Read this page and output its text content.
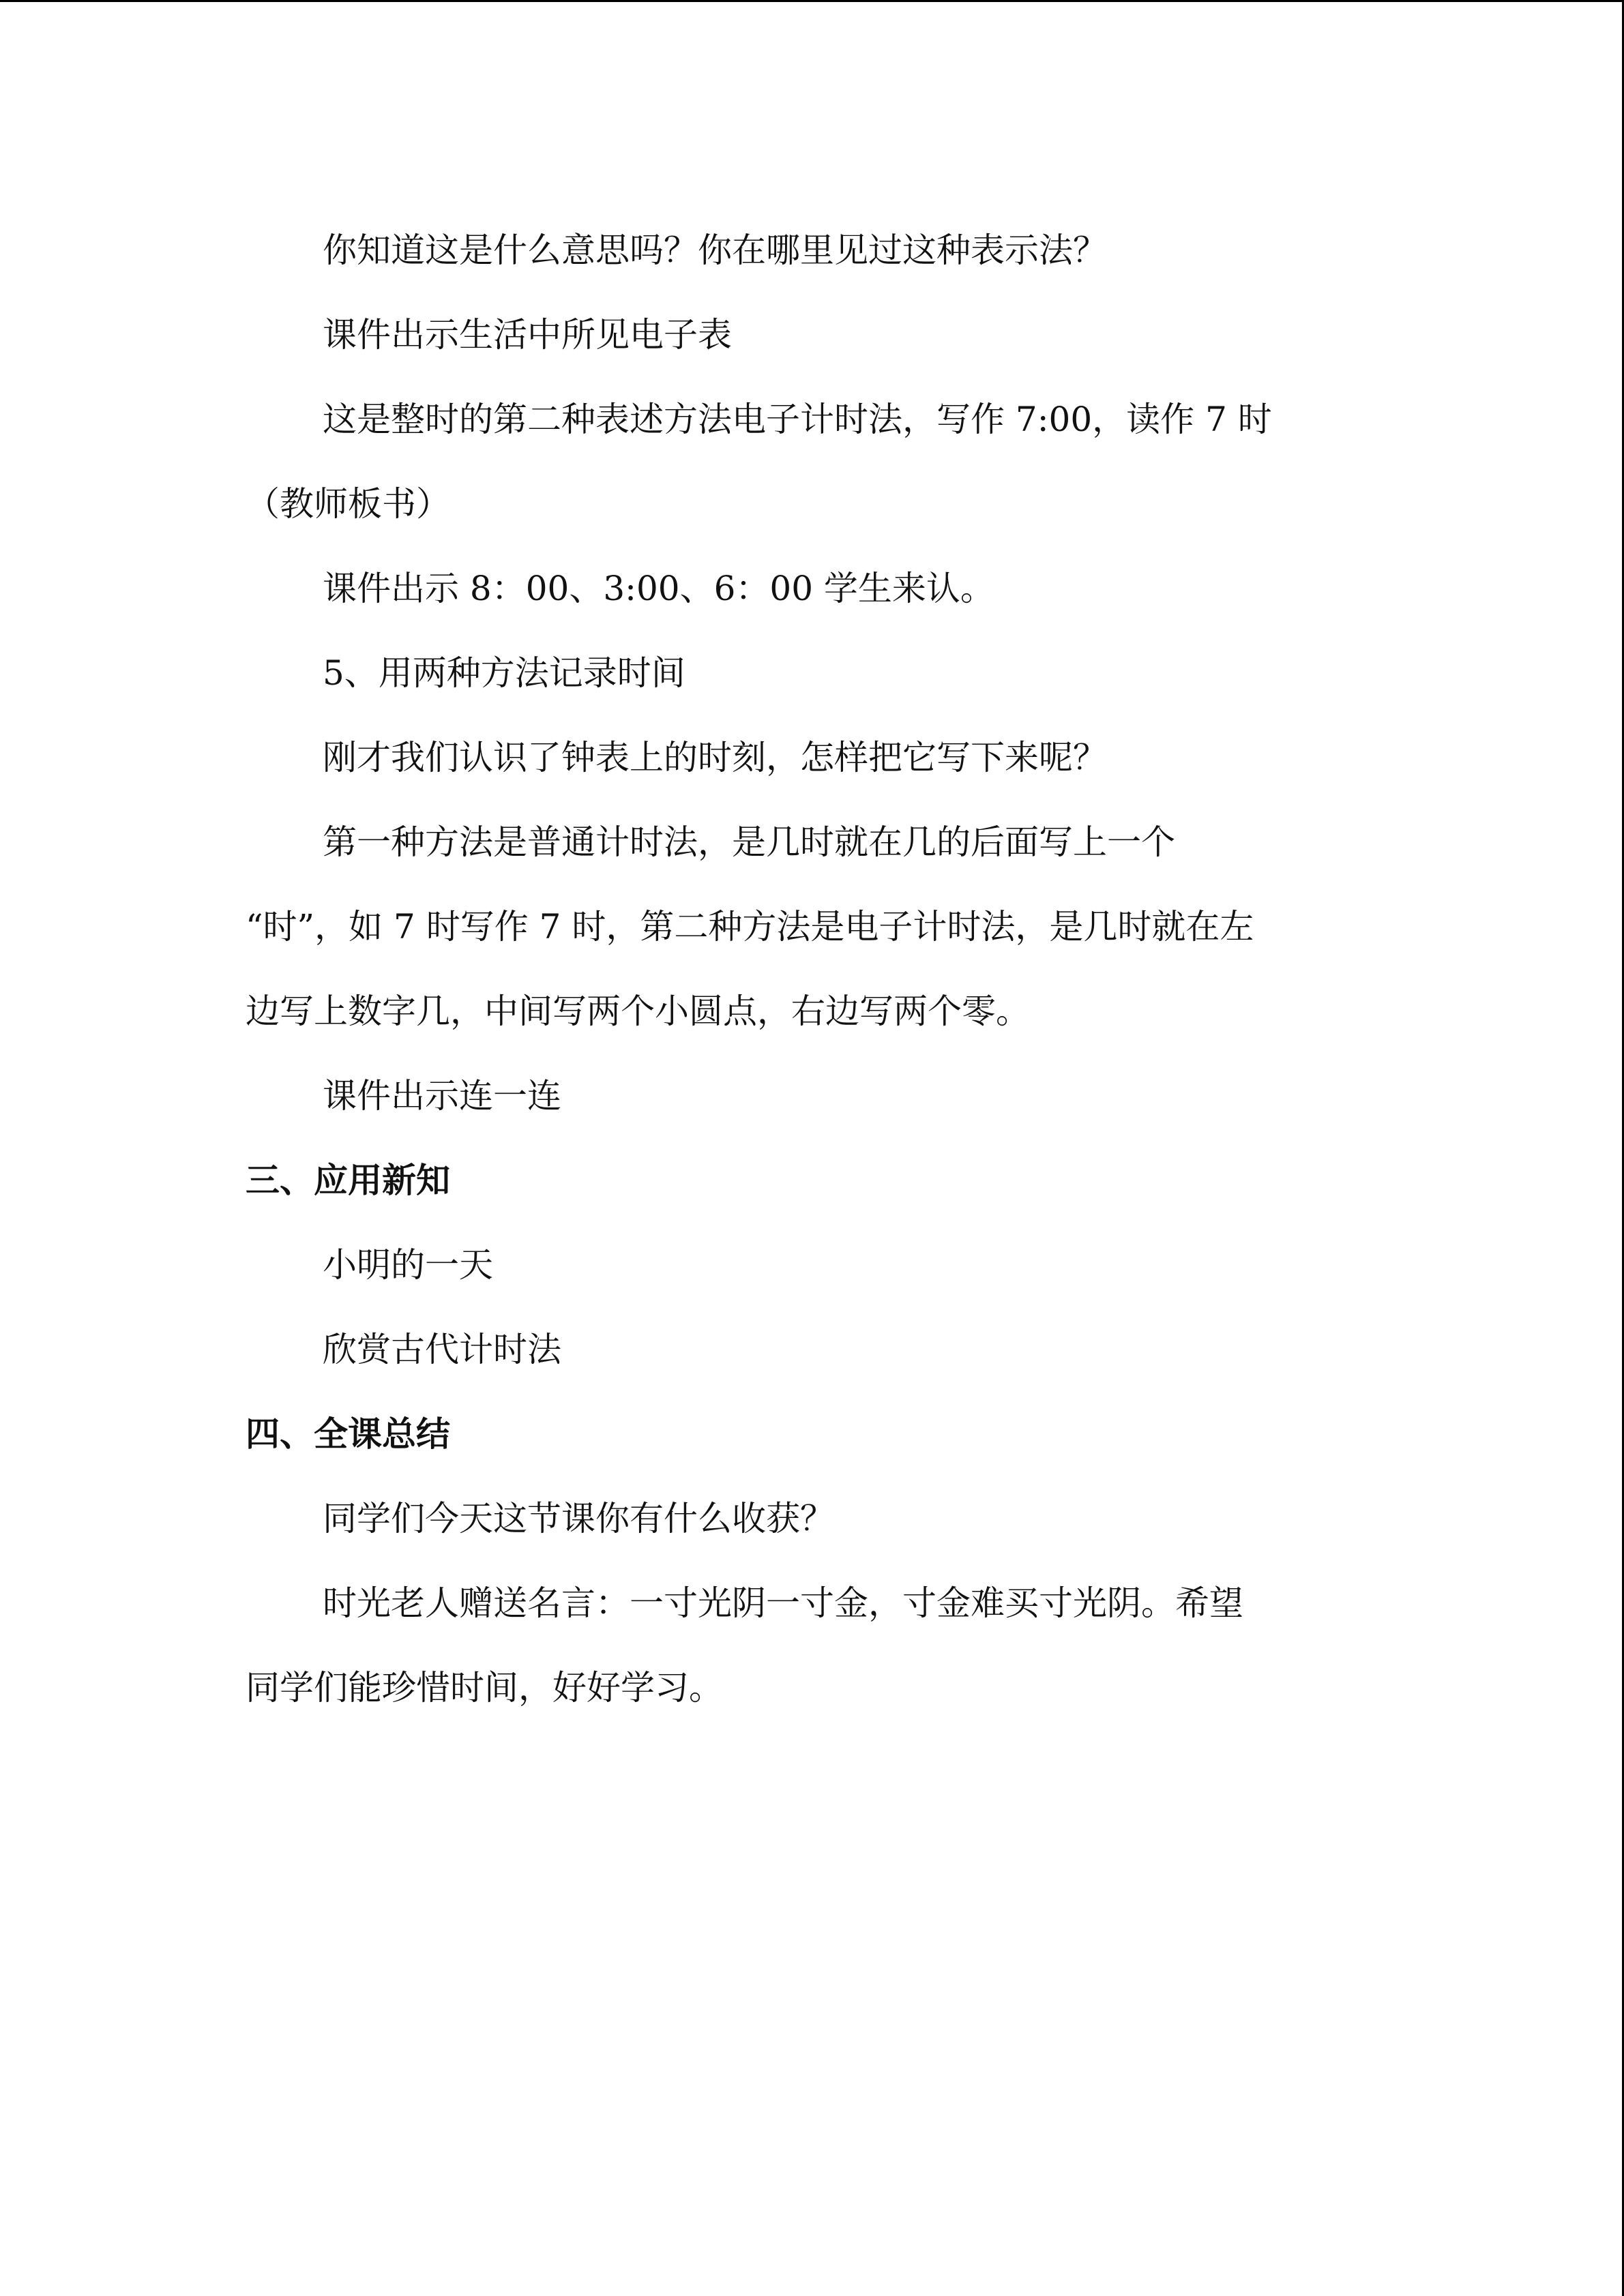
你知道这是什么意思吗？你在哪里见过这种表示法？

课件出示生活中所见电子表

这是整时的第二种表述方法电子计时法，写作 7:00，读作 7 时

（教师板书）

课件出示 8：00、3:00、6：00 学生来认。

5、用两种方法记录时间

刚才我们认识了钟表上的时刻，怎样把它写下来呢？

第一种方法是普通计时法，是几时就在几的后面写上一个

“时”，如 7 时写作 7 时，第二种方法是电子计时法，是几时就在左

边写上数字几，中间写两个小圆点，右边写两个零。

课件出示连一连

三、应用新知

小明的一天

欣赏古代计时法

四、全课总结

同学们今天这节课你有什么收获？

时光老人赠送名言：一寸光阴一寸金，寸金难买寸光阴。希望

同学们能珍惜时间，好好学习。
